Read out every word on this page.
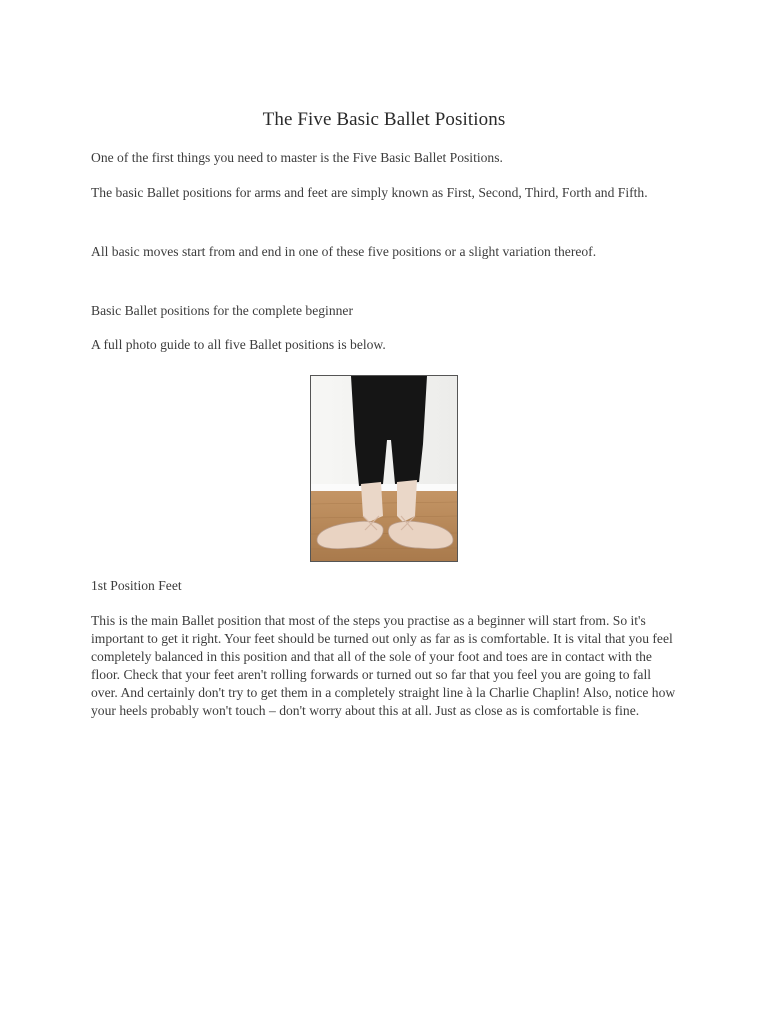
The Five Basic Ballet Positions

One of the first things you need to master is the Five Basic Ballet Positions.

The basic Ballet positions for arms and feet are simply known as First, Second, Third, Forth and Fifth.

All basic moves start from and end in one of these five positions or a slight variation thereof.

Basic Ballet positions for the complete beginner

A full photo guide to all five Ballet positions is below.

1st Position Feet

This is the main Ballet position that most of the steps you practise as a beginner will start from. So it's important to get it right. Your feet should be turned out only as far as is comfortable. It is vital that you feel completely balanced in this position and that all of the sole of your foot and toes are in contact with the floor. Check that your feet aren't rolling forwards or turned out so far that you feel you are going to fall over. And certainly don't try to get them in a completely straight line à la Charlie Chaplin! Also, notice how your heels probably won't touch – don't worry about this at all. Just as close as is comfortable is fine.
